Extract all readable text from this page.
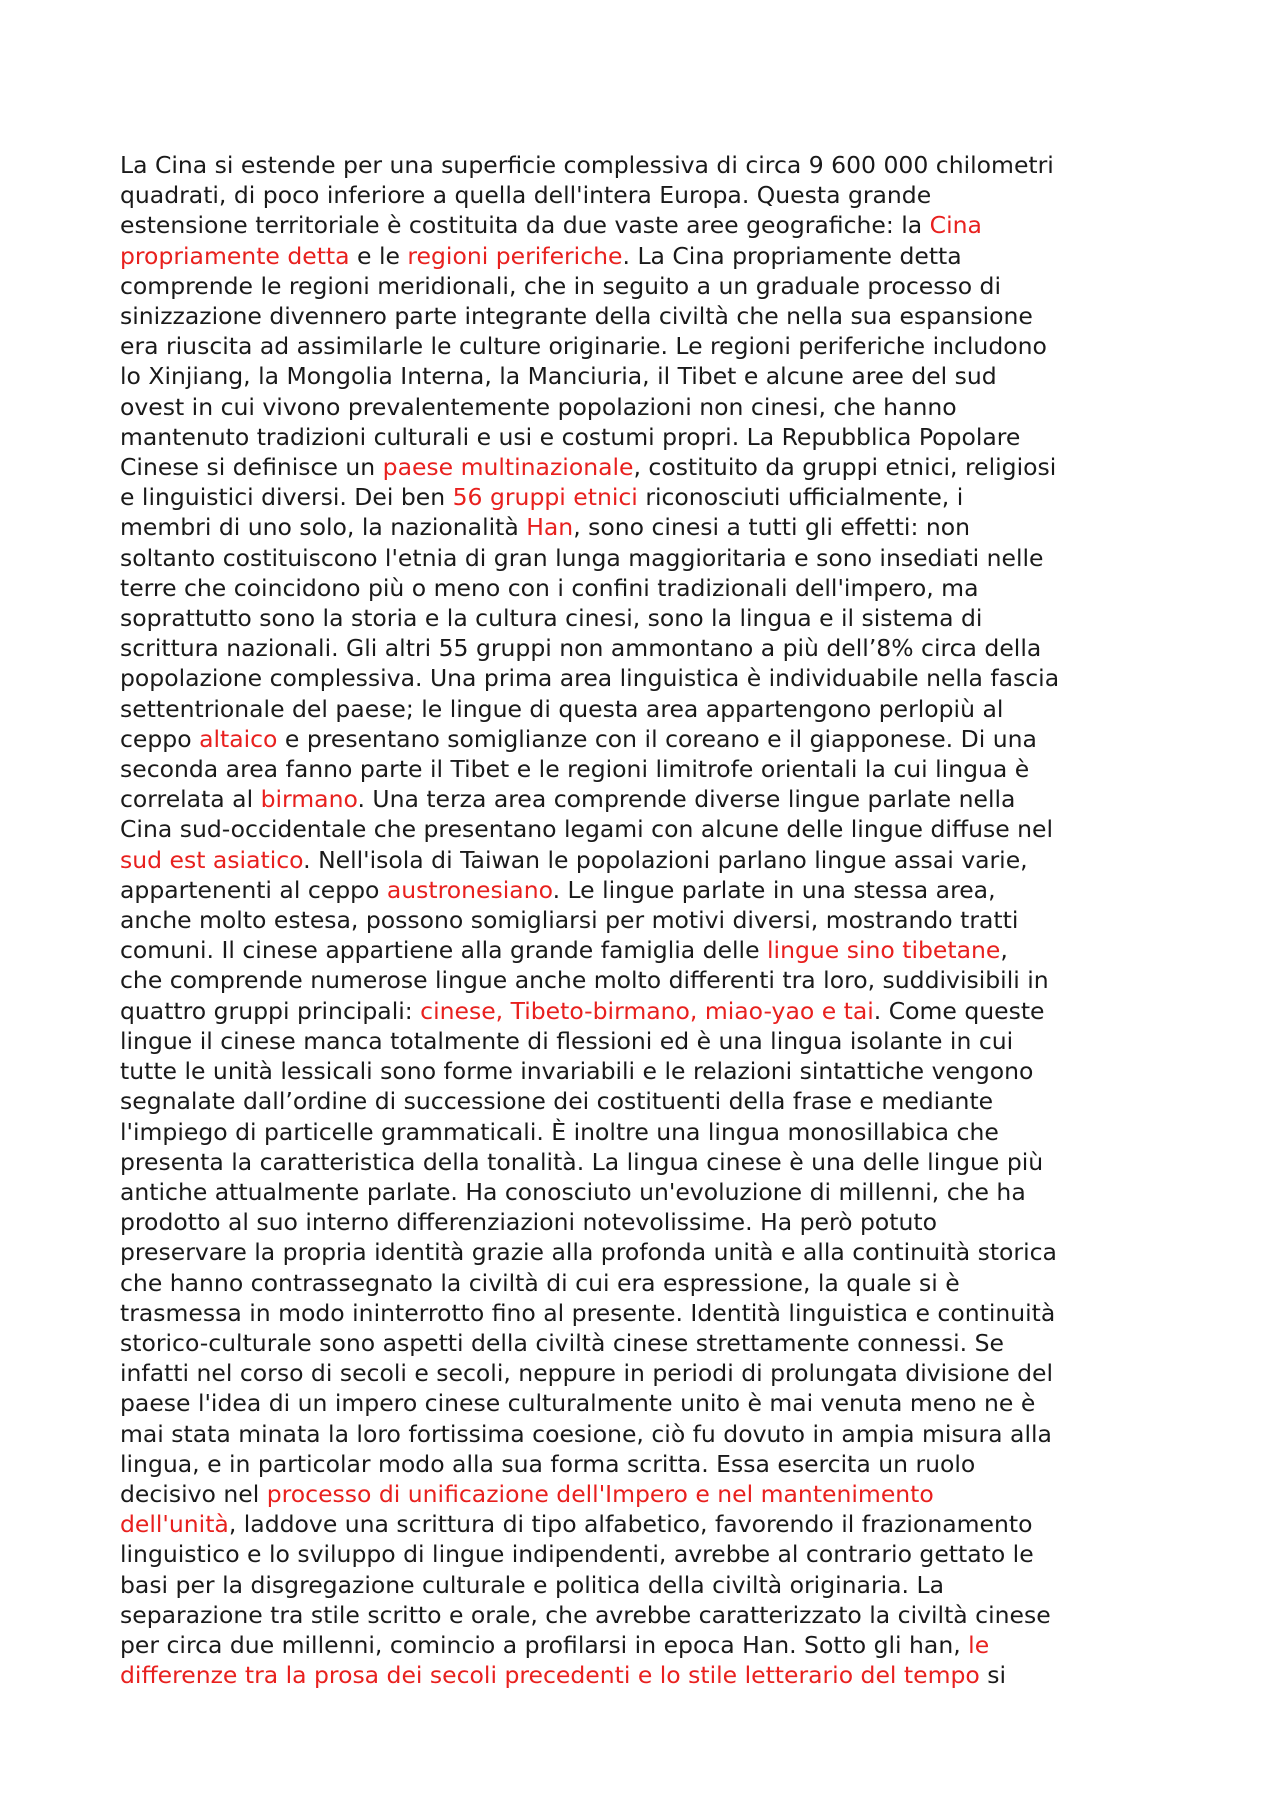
La Cina si estende per una superficie complessiva di circa 9 600 000 chilometri
quadrati, di poco inferiore a quella dell'intera Europa. Questa grande
estensione territoriale è costituita da due vaste aree geografiche: la Cina
propriamente detta e le regioni periferiche. La Cina propriamente detta
comprende le regioni meridionali, che in seguito a un graduale processo di
sinizzazione divennero parte integrante della civiltà che nella sua espansione
era riuscita ad assimilarle le culture originarie. Le regioni periferiche includono
lo Xinjiang, la Mongolia Interna, la Manciuria, il Tibet e alcune aree del sud
ovest in cui vivono prevalentemente popolazioni non cinesi, che hanno
mantenuto tradizioni culturali e usi e costumi propri. La Repubblica Popolare
Cinese si definisce un paese multinazionale, costituito da gruppi etnici, religiosi
e linguistici diversi. Dei ben 56 gruppi etnici riconosciuti ufficialmente, i
membri di uno solo, la nazionalità Han, sono cinesi a tutti gli effetti: non
soltanto costituiscono l'etnia di gran lunga maggioritaria e sono insediati nelle
terre che coincidono più o meno con i confini tradizionali dell'impero, ma
soprattutto sono la storia e la cultura cinesi, sono la lingua e il sistema di
scrittura nazionali. Gli altri 55 gruppi non ammontano a più dell’8% circa della
popolazione complessiva. Una prima area linguistica è individuabile nella fascia
settentrionale del paese; le lingue di questa area appartengono perlopiù al
ceppo altaico e presentano somiglianze con il coreano e il giapponese. Di una
seconda area fanno parte il Tibet e le regioni limitrofe orientali la cui lingua è
correlata al birmano. Una terza area comprende diverse lingue parlate nella
Cina sud-occidentale che presentano legami con alcune delle lingue diffuse nel
sud est asiatico. Nell'isola di Taiwan le popolazioni parlano lingue assai varie,
appartenenti al ceppo austronesiano. Le lingue parlate in una stessa area,
anche molto estesa, possono somigliarsi per motivi diversi, mostrando tratti
comuni. Il cinese appartiene alla grande famiglia delle lingue sino tibetane,
che comprende numerose lingue anche molto differenti tra loro, suddivisibili in
quattro gruppi principali: cinese, Tibeto-birmano, miao-yao e tai. Come queste
lingue il cinese manca totalmente di flessioni ed è una lingua isolante in cui
tutte le unità lessicali sono forme invariabili e le relazioni sintattiche vengono
segnalate dall’ordine di successione dei costituenti della frase e mediante
l'impiego di particelle grammaticali. È inoltre una lingua monosillabica che
presenta la caratteristica della tonalità. La lingua cinese è una delle lingue più
antiche attualmente parlate. Ha conosciuto un'evoluzione di millenni, che ha
prodotto al suo interno differenziazioni notevolissime. Ha però potuto
preservare la propria identità grazie alla profonda unità e alla continuità storica
che hanno contrassegnato la civiltà di cui era espressione, la quale si è
trasmessa in modo ininterrotto fino al presente. Identità linguistica e continuità
storico-culturale sono aspetti della civiltà cinese strettamente connessi. Se
infatti nel corso di secoli e secoli, neppure in periodi di prolungata divisione del
paese l'idea di un impero cinese culturalmente unito è mai venuta meno ne è
mai stata minata la loro fortissima coesione, ciò fu dovuto in ampia misura alla
lingua, e in particolar modo alla sua forma scritta. Essa esercita un ruolo
decisivo nel processo di unificazione dell'Impero e nel mantenimento
dell'unità, laddove una scrittura di tipo alfabetico, favorendo il frazionamento
linguistico e lo sviluppo di lingue indipendenti, avrebbe al contrario gettato le
basi per la disgregazione culturale e politica della civiltà originaria. La
separazione tra stile scritto e orale, che avrebbe caratterizzato la civiltà cinese
per circa due millenni, comincio a profilarsi in epoca Han. Sotto gli han, le
differenze tra la prosa dei secoli precedenti e lo stile letterario del tempo si
